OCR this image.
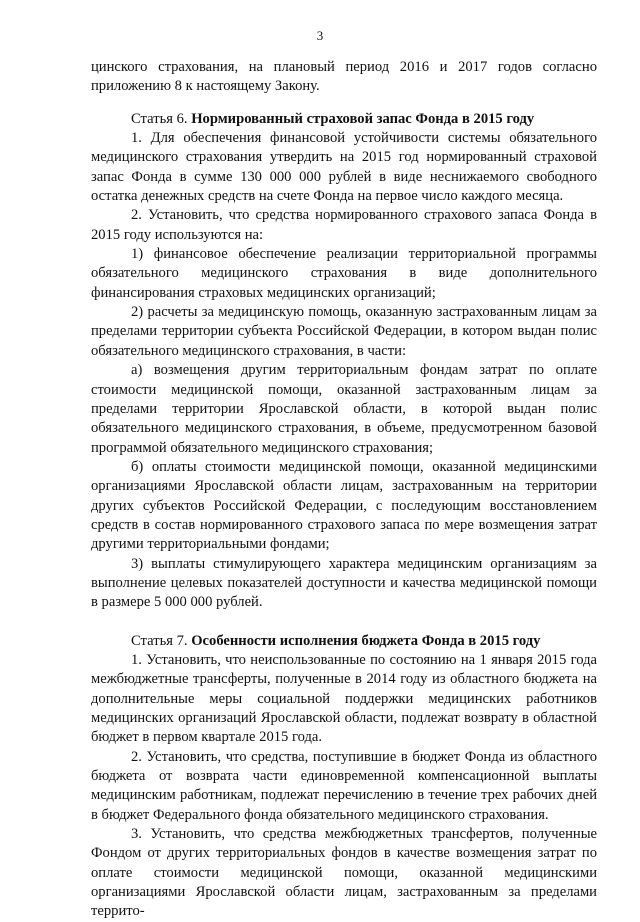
3

цинского страхования, на плановый период 2016 и 2017 годов согласно приложению 8 к настоящему Закону.

Статья 6. Нормированный страховой запас Фонда в 2015 году

1. Для обеспечения финансовой устойчивости системы обязательного медицинского страхования утвердить на 2015 год нормированный страховой запас Фонда в сумме 130 000 000 рублей в виде неснижаемого свободного остатка денежных средств на счете Фонда на первое число каждого месяца.

2. Установить, что средства нормированного страхового запаса Фонда в 2015 году используются на:

1) финансовое обеспечение реализации территориальной программы обязательного медицинского страхования в виде дополнительного финансирования страховых медицинских организаций;

2) расчеты за медицинскую помощь, оказанную застрахованным лицам за пределами территории субъекта Российской Федерации, в котором выдан полис обязательного медицинского страхования, в части:

а) возмещения другим территориальным фондам затрат по оплате стоимости медицинской помощи, оказанной застрахованным лицам за пределами территории Ярославской области, в которой выдан полис обязательного медицинского страхования, в объеме, предусмотренном базовой программой обязательного медицинского страхования;

б) оплаты стоимости медицинской помощи, оказанной медицинскими организациями Ярославской области лицам, застрахованным на территории других субъектов Российской Федерации, с последующим восстановлением средств в состав нормированного страхового запаса по мере возмещения затрат другими территориальными фондами;

3) выплаты стимулирующего характера медицинским организациям за выполнение целевых показателей доступности и качества медицинской помощи в размере 5 000 000 рублей.

Статья 7. Особенности исполнения бюджета Фонда в 2015 году

1. Установить, что неиспользованные по состоянию на 1 января 2015 года межбюджетные трансферты, полученные в 2014 году из областного бюджета на дополнительные меры социальной поддержки медицинских работников медицинских организаций Ярославской области, подлежат возврату в областной бюджет в первом квартале 2015 года.

2. Установить, что средства, поступившие в бюджет Фонда из областного бюджета от возврата части единовременной компенсационной выплаты медицинским работникам, подлежат перечислению в течение трех рабочих дней в бюджет Федерального фонда обязательного медицинского страхования.

3. Установить, что средства межбюджетных трансфертов, полученные Фондом от других территориальных фондов в качестве возмещения затрат по оплате стоимости медицинской помощи, оказанной медицинскими организациями Ярославской области лицам, застрахованным за пределами террито-
